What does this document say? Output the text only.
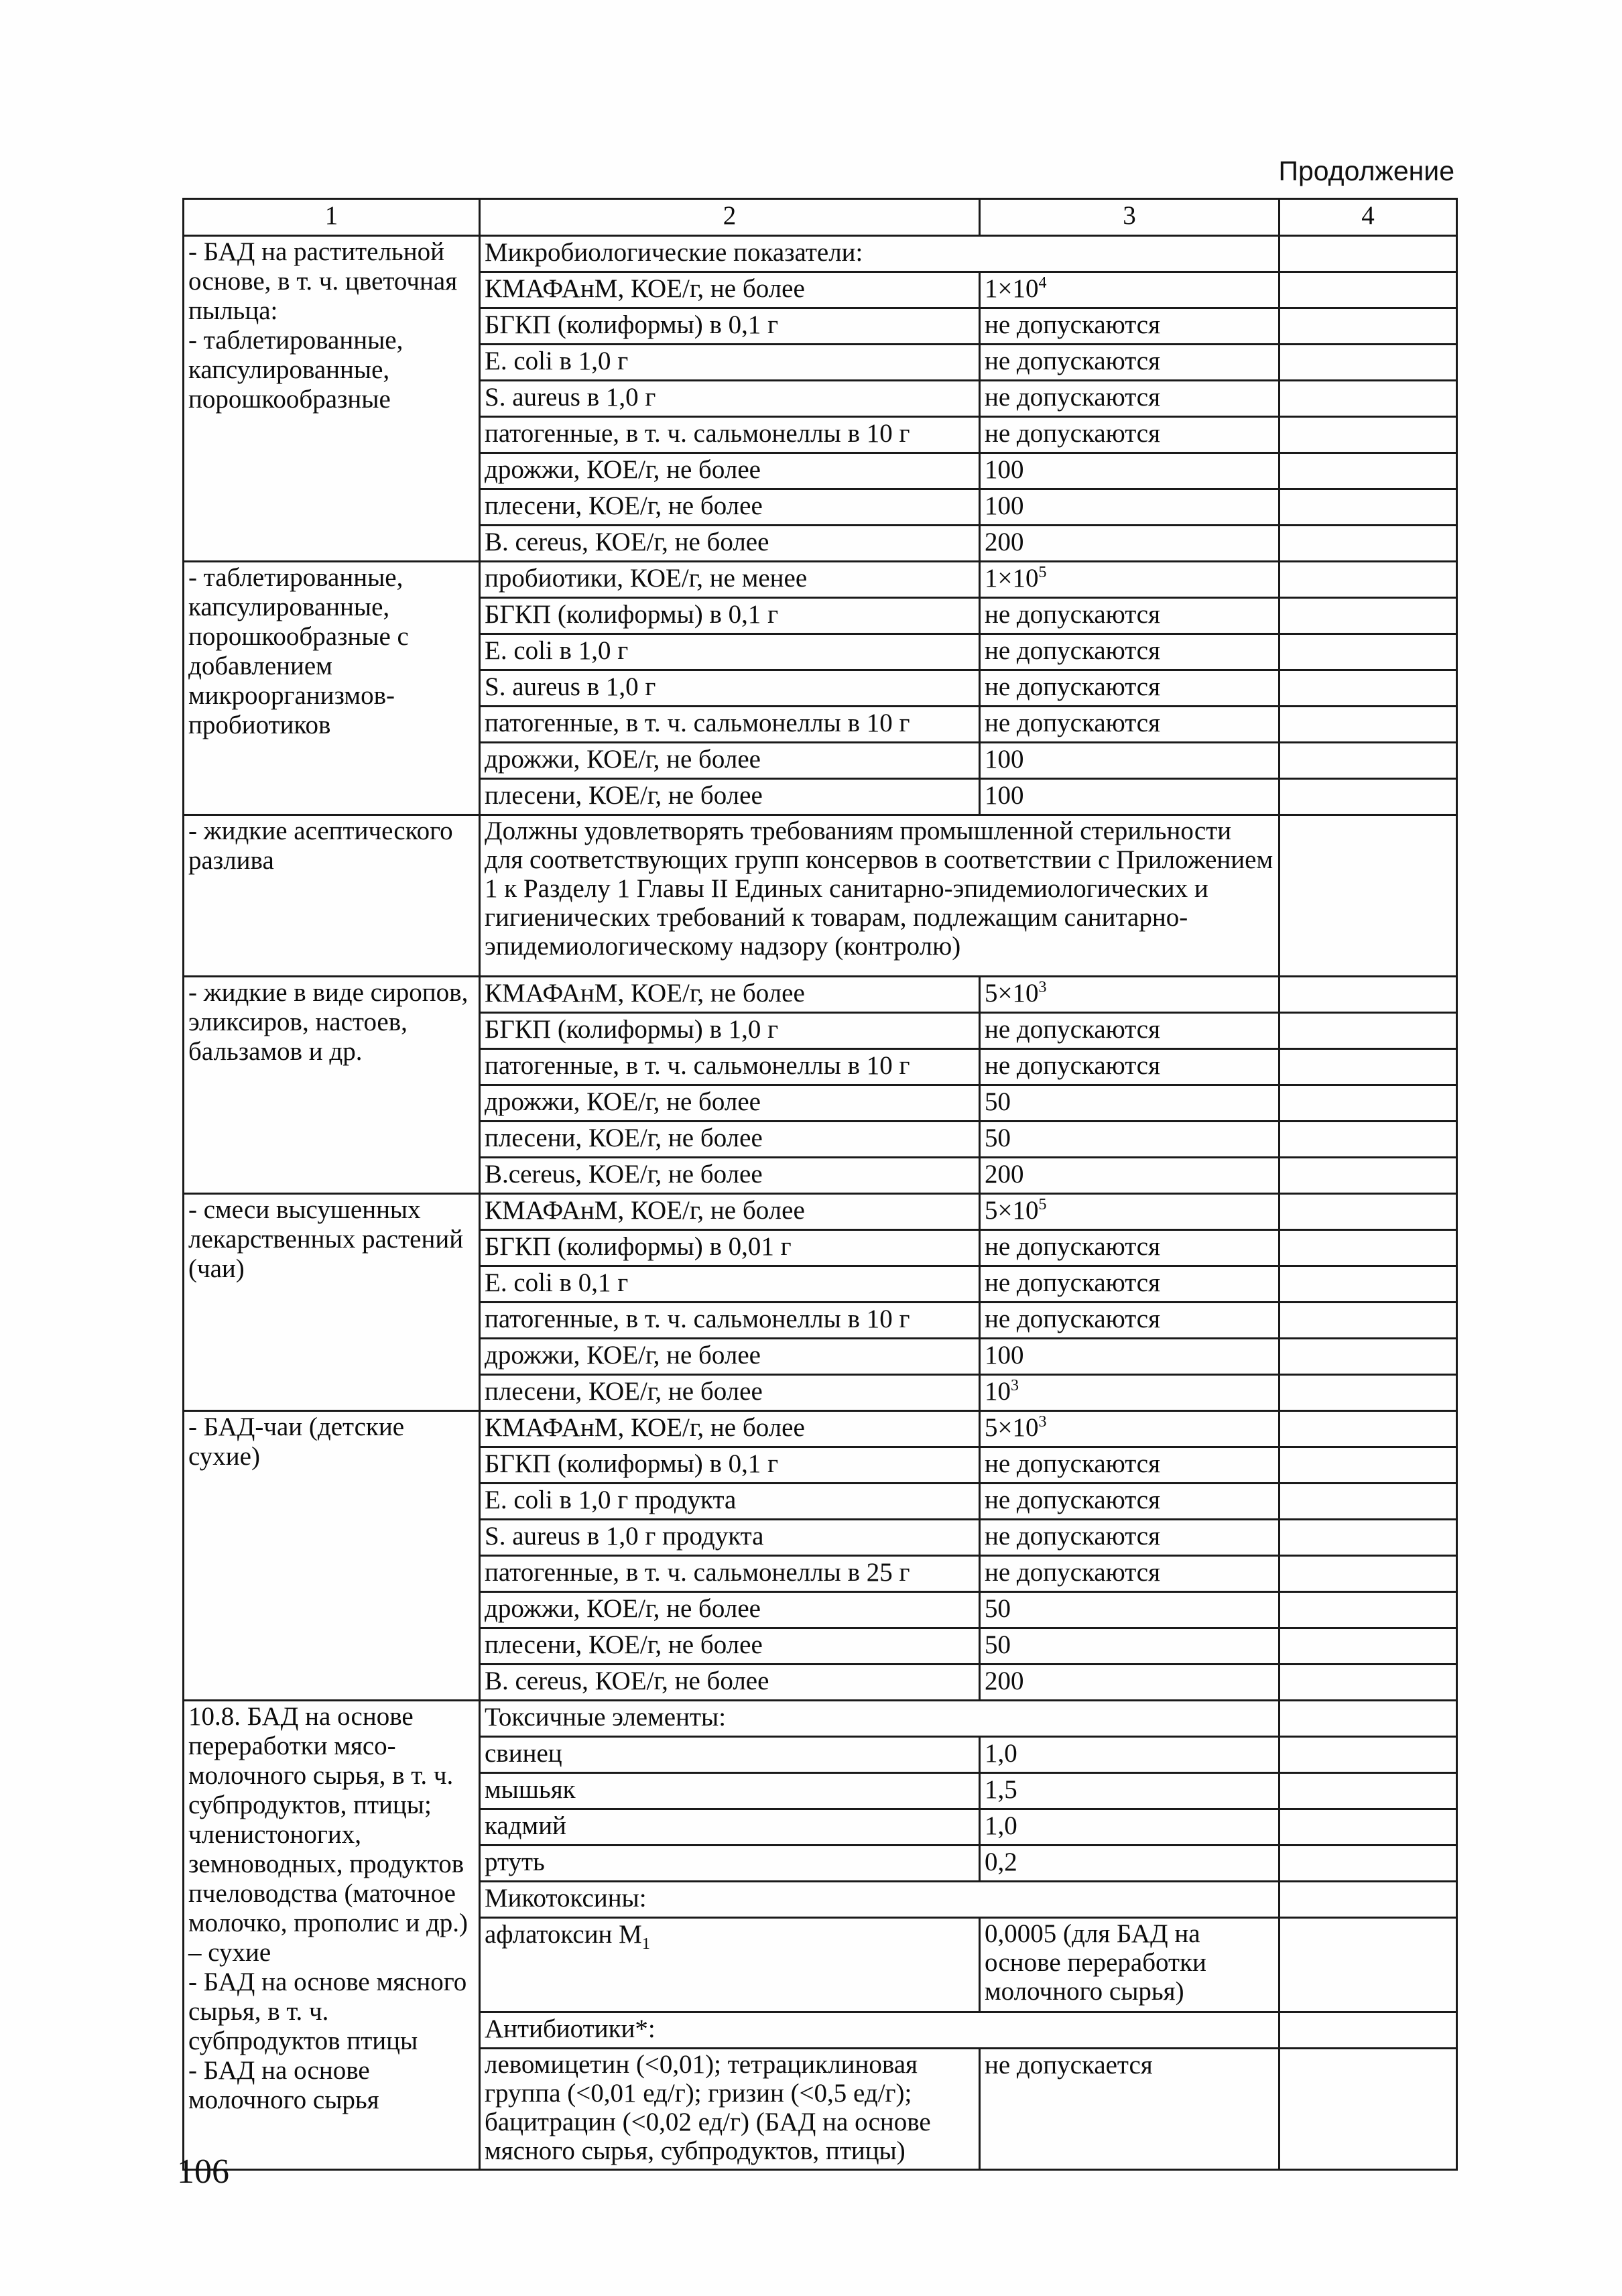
Продолжение
1	2	3	4
- БАД на растительной основе, в т. ч. цветочная пыльца:
- таблетированные, капсулированные, порошкообразные	Микробиологические показатели:		
	КМАФАнМ, КОЕ/г, не более	$1\times 10^4$	
	БГКП (колиформы) в 0,1 г	не допускаются	
	E. coli в 1,0 г	не допускаются	
	S. aureus в 1,0 г	не допускаются	
	патогенные, в т. ч. сальмонеллы в 10 г	не допускаются	
	дрожжи, КОЕ/г, не более	100	
	плесени, КОЕ/г, не более	100	
	B. cereus, КОЕ/г, не более	200	
- таблетированные, капсулированные, порошкообразные с добавлением микроорганизмов-пробиотиков	пробиотики, КОЕ/г, не менее	$1\times 10^5$	
	БГКП (колиформы) в 0,1 г	не допускаются	
	E. coli в 1,0 г	не допускаются	
	S. aureus в 1,0 г	не допускаются	
	патогенные, в т. ч. сальмонеллы в 10 г	не допускаются	
	дрожжи, КОЕ/г, не более	100	
	плесени, КОЕ/г, не более	100	
- жидкие асептического разлива	Должны удовлетворять требованиям промышленной стерильности для соответствующих групп консервов в соответствии с Приложением 1 к Разделу 1 Главы II Единых санитарно-эпидемиологических и гигиенических требований к товарам, подлежащим санитарно-эпидемиологическому надзору (контролю)		
- жидкие в виде сиропов, эликсиров, настоев, бальзамов и др.	КМАФАнМ, КОЕ/г, не более	$5\times 10^3$	
	БГКП (колиформы) в 1,0 г	не допускаются	
	патогенные, в т. ч. сальмонеллы в 10 г	не допускаются	
	дрожжи, КОЕ/г, не более	50	
	плесени, КОЕ/г, не более	50	
	B.cereus, КОЕ/г, не более	200	
- смеси высушенных лекарственных растений (чаи)	КМАФАнМ, КОЕ/г, не более	$5\times 10^5$	
	БГКП (колиформы) в 0,01 г	не допускаются	
	E. coli в 0,1 г	не допускаются	
	патогенные, в т. ч. сальмонеллы в 10 г	не допускаются	
	дрожжи, КОЕ/г, не более	100	
	плесени, КОЕ/г, не более	$10^3$	
- БАД-чаи (детские сухие)	КМАФАнМ, КОЕ/г, не более	$5\times 10^3$	
	БГКП (колиформы) в 0,1 г	не допускаются	
	E. coli в 1,0 г продукта	не допускаются	
	S. aureus в 1,0 г продукта	не допускаются	
	патогенные, в т. ч. сальмонеллы в 25 г	не допускаются	
	дрожжи, КОЕ/г, не более	50	
	плесени, КОЕ/г, не более	50	
	B. cereus, КОЕ/г, не более	200	
10.8. БАД на основе переработки мясо-молочного сырья, в т. ч. субпродуктов, птицы; членистоногих, земноводных, продуктов пчеловодства (маточное молочко, прополис и др.) – сухие
- БАД на основе мясного сырья, в т. ч. субпродуктов птицы
- БАД на основе молочного сырья	Токсичные элементы:		
	свинец	1,0	
	мышьяк	1,5	
	кадмий	1,0	
	ртуть	0,2	
	Микотоксины:		
	афлатоксин $M_1$	0,0005 (для БАД на основе переработки молочного сырья)	
	Антибиотики*:		
	левомицетин (<0,01); тетрациклиновая группа (<0,01 ед/г); гризин (<0,5 ед/г); бацитрацин (<0,02 ед/г) (БАД на основе мясного сырья, субпродуктов, птицы)	не допускается	
106
